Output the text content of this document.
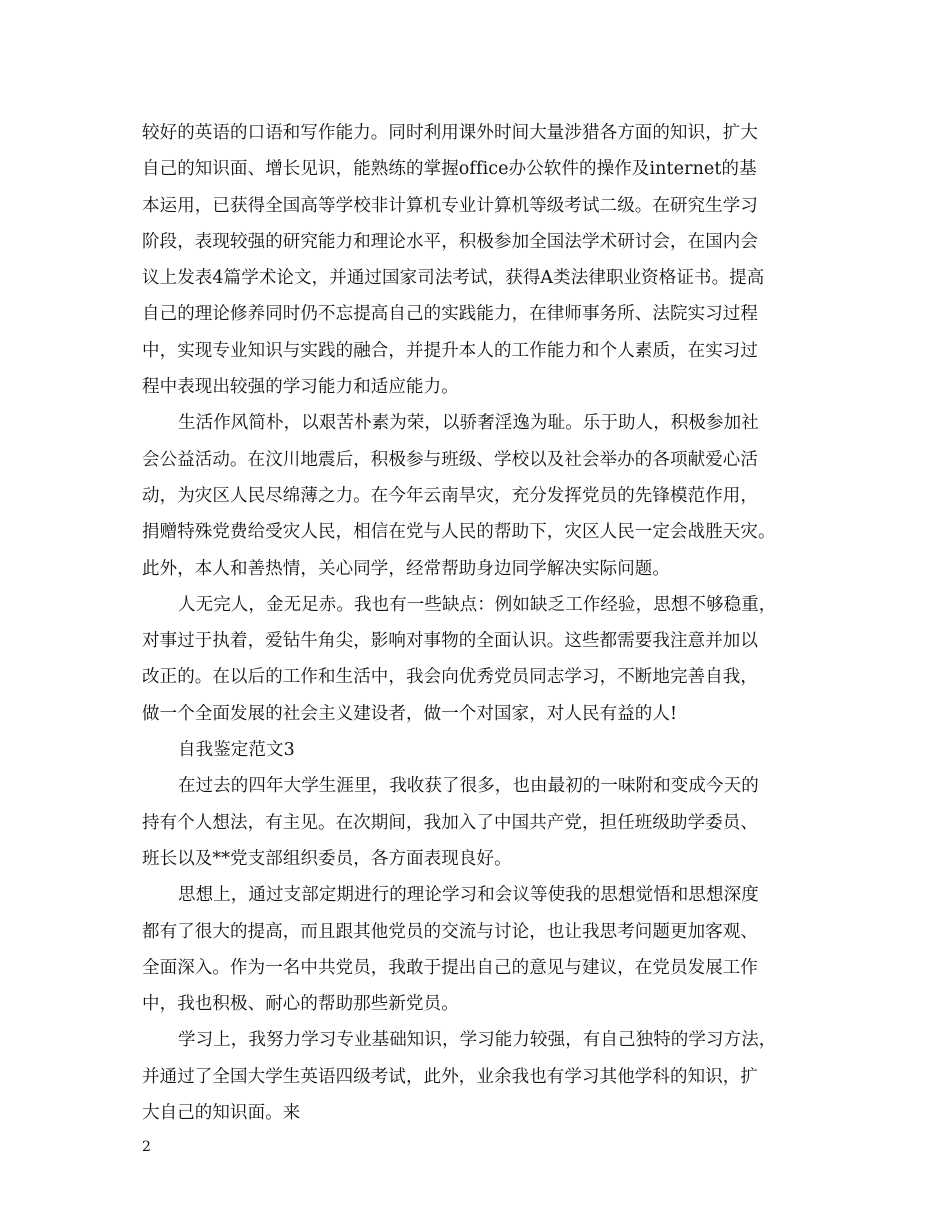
较好的英语的口语和写作能力。同时利用课外时间大量涉猎各方面的知识，扩大
自己的知识面、增长见识，能熟练的掌握office办公软件的操作及internet的基
本运用，已获得全国高等学校非计算机专业计算机等级考试二级。在研究生学习
阶段，表现较强的研究能力和理论水平，积极参加全国法学术研讨会，在国内会
议上发表4篇学术论文，并通过国家司法考试，获得A类法律职业资格证书。提高
自己的理论修养同时仍不忘提高自己的实践能力，在律师事务所、法院实习过程
中，实现专业知识与实践的融合，并提升本人的工作能力和个人素质，在实习过
程中表现出较强的学习能力和适应能力。
生活作风简朴，以艰苦朴素为荣，以骄奢淫逸为耻。乐于助人，积极参加社
会公益活动。在汶川地震后，积极参与班级、学校以及社会举办的各项献爱心活
动，为灾区人民尽绵薄之力。在今年云南旱灾，充分发挥党员的先锋模范作用，
捐赠特殊党费给受灾人民，相信在党与人民的帮助下，灾区人民一定会战胜天灾。
此外，本人和善热情，关心同学，经常帮助身边同学解决实际问题。
人无完人，金无足赤。我也有一些缺点：例如缺乏工作经验，思想不够稳重，
对事过于执着，爱钻牛角尖，影响对事物的全面认识。这些都需要我注意并加以
改正的。在以后的工作和生活中，我会向优秀党员同志学习，不断地完善自我，
做一个全面发展的社会主义建设者，做一个对国家，对人民有益的人!
自我鉴定范文3
在过去的四年大学生涯里，我收获了很多，也由最初的一味附和变成今天的
持有个人想法，有主见。在次期间，我加入了中国共产党，担任班级助学委员、
班长以及**党支部组织委员，各方面表现良好。
思想上，通过支部定期进行的理论学习和会议等使我的思想觉悟和思想深度
都有了很大的提高，而且跟其他党员的交流与讨论，也让我思考问题更加客观、
全面深入。作为一名中共党员，我敢于提出自己的意见与建议，在党员发展工作
中，我也积极、耐心的帮助那些新党员。
学习上，我努力学习专业基础知识，学习能力较强，有自己独特的学习方法，
并通过了全国大学生英语四级考试，此外，业余我也有学习其他学科的知识，扩
大自己的知识面。来
2
